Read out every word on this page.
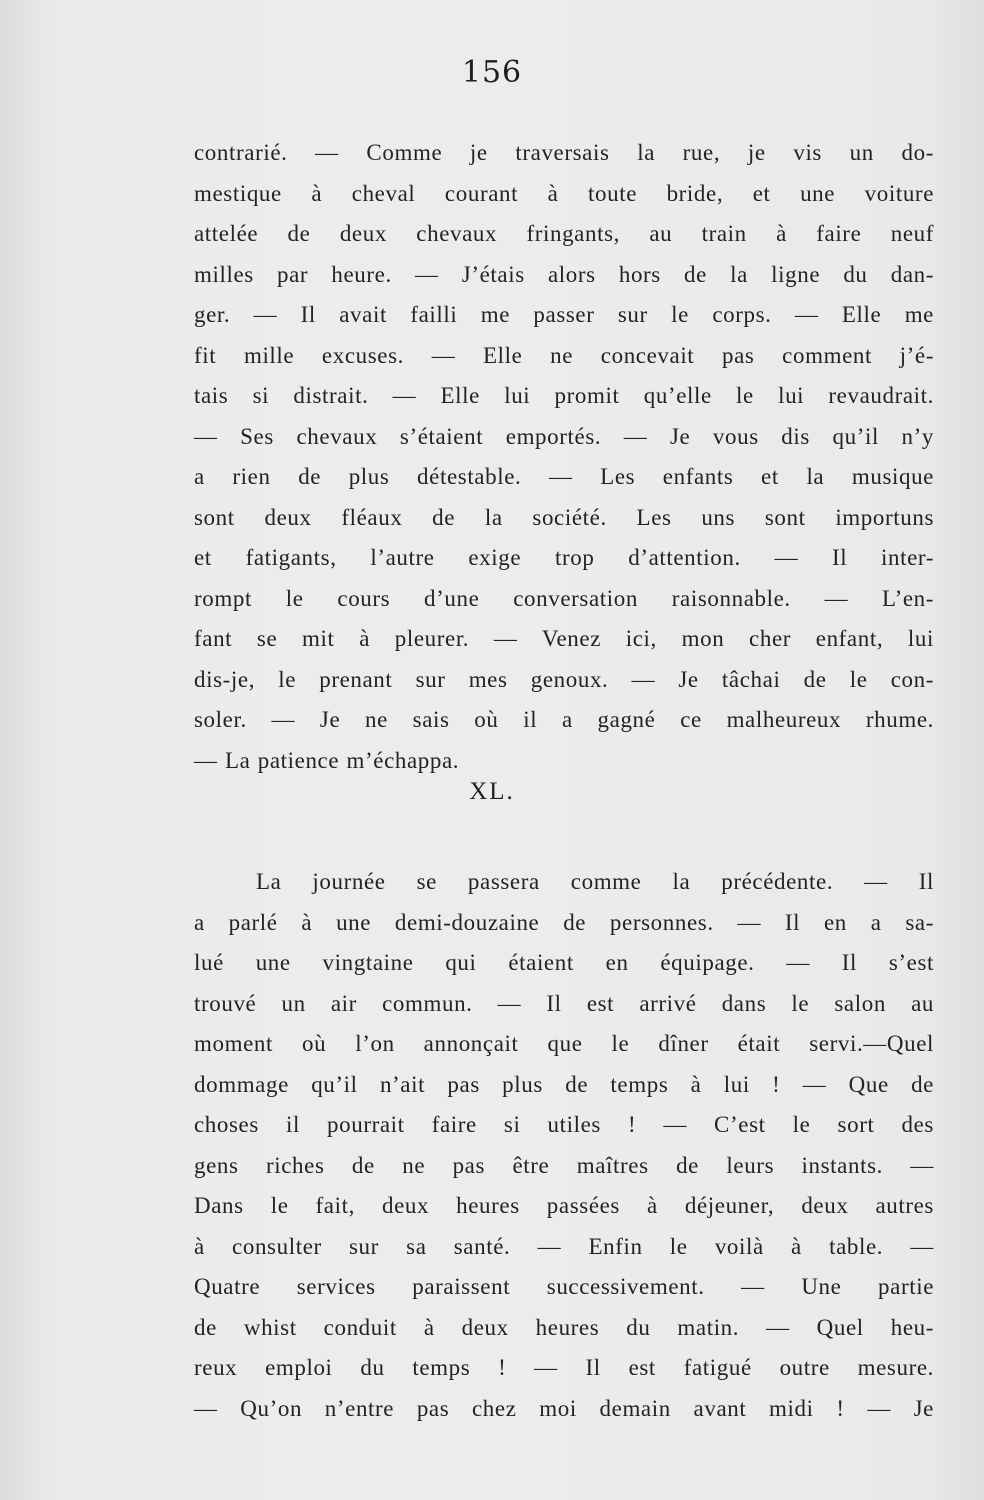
156
contrarié. — Comme je traversais la rue, je vis un do-
mestique à cheval courant à toute bride, et une voiture
attelée de deux chevaux fringants, au train à faire neuf
milles par heure. — J’étais alors hors de la ligne du dan-
ger. — Il avait failli me passer sur le corps. — Elle me
fit mille excuses. — Elle ne concevait pas comment j’é-
tais si distrait. — Elle lui promit qu’elle le lui revaudrait.
— Ses chevaux s’étaient emportés. — Je vous dis qu’il n’y
a rien de plus détestable. — Les enfants et la musique
sont deux fléaux de la société. Les uns sont importuns
et fatigants, l’autre exige trop d’attention. — Il inter-
rompt le cours d’une conversation raisonnable. — L’en-
fant se mit à pleurer. — Venez ici, mon cher enfant, lui
dis-je, le prenant sur mes genoux. — Je tâchai de le con-
soler. — Je ne sais où il a gagné ce malheureux rhume.
— La patience m’échappa.
XL.
La journée se passera comme la précédente. — Il
a parlé à une demi-douzaine de personnes. — Il en a sa-
lué une vingtaine qui étaient en équipage. — Il s’est
trouvé un air commun. — Il est arrivé dans le salon au
moment où l’on annonçait que le dîner était servi.—Quel
dommage qu’il n’ait pas plus de temps à lui ! — Que de
choses il pourrait faire si utiles ! — C’est le sort des
gens riches de ne pas être maîtres de leurs instants. —
Dans le fait, deux heures passées à déjeuner, deux autres
à consulter sur sa santé. — Enfin le voilà à table. —
Quatre services paraissent successivement. — Une partie
de whist conduit à deux heures du matin. — Quel heu-
reux emploi du temps ! — Il est fatigué outre mesure.
— Qu’on n’entre pas chez moi demain avant midi ! — Je
